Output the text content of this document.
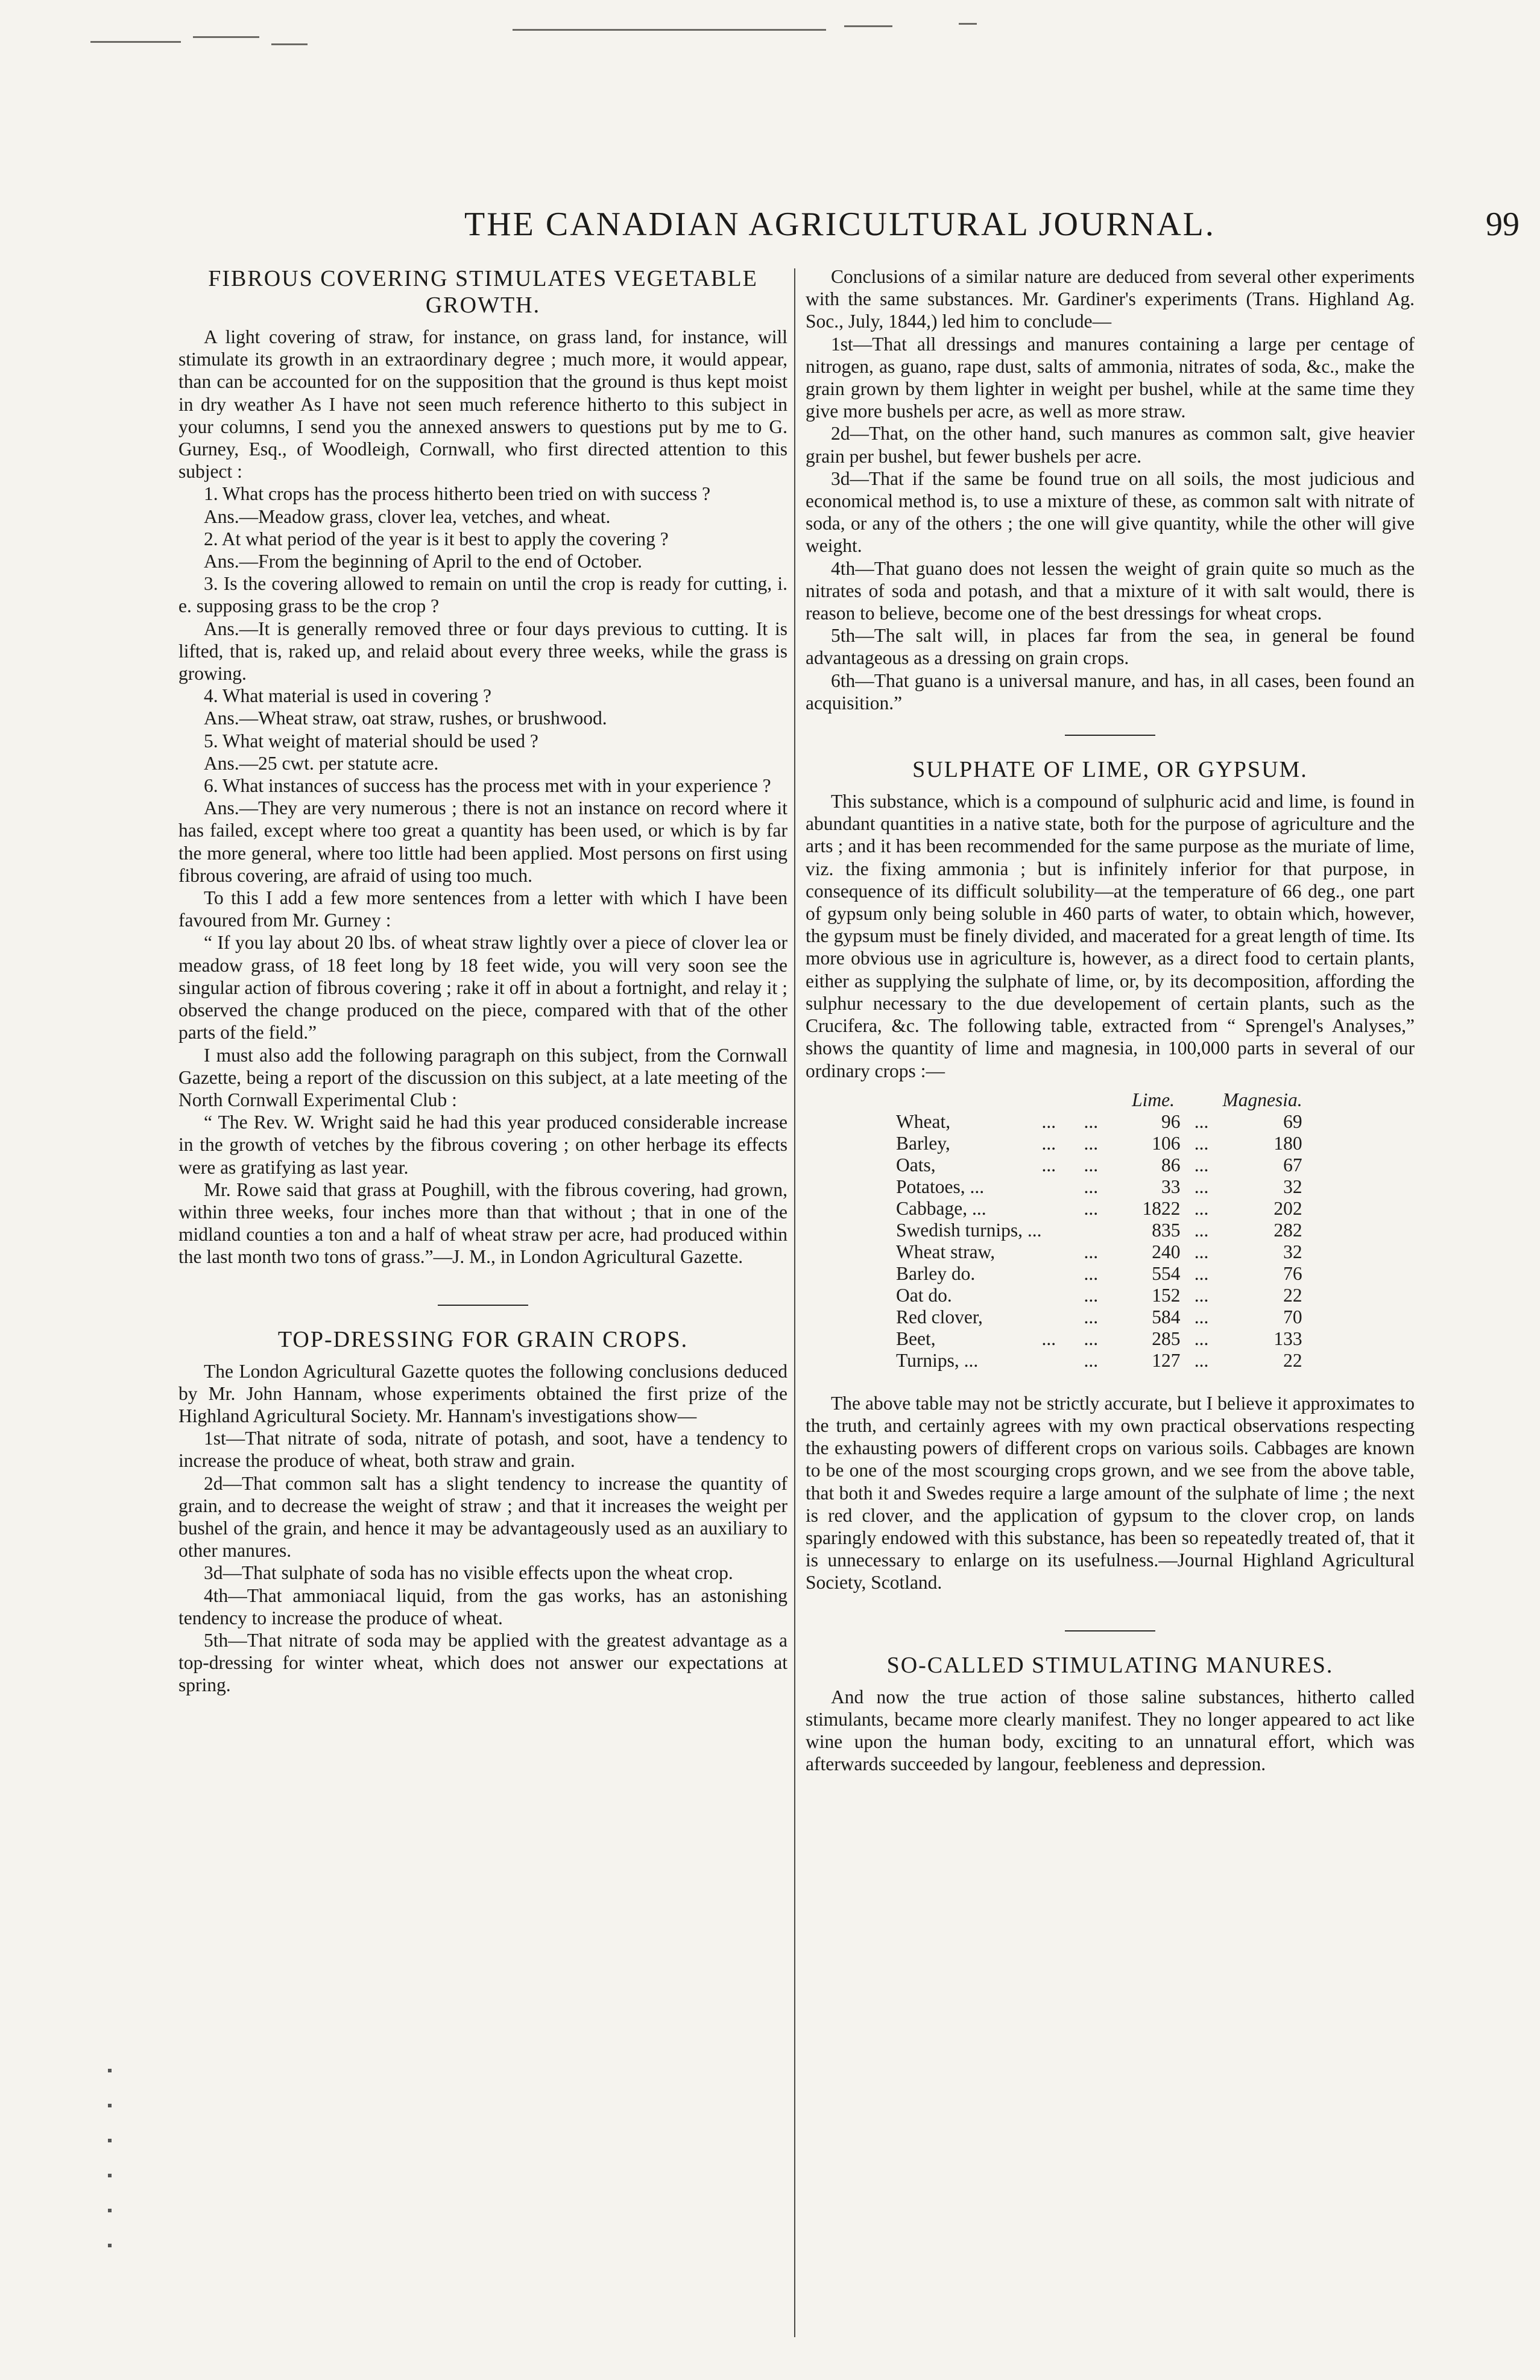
THE CANADIAN AGRICULTURAL JOURNAL.	99

FIBROUS COVERING STIMULATES VEGETABLE GROWTH.

A light covering of straw, for instance, on grass land, for instance, will stimulate its growth in an extraordinary degree ; much more, it would appear, than can be accounted for on the supposition that the ground is thus kept moist in dry weather As I have not seen much reference hitherto to this subject in your columns, I send you the annexed answers to questions put by me to G. Gurney, Esq., of Woodleigh, Cornwall, who first directed attention to this subject :

1. What crops has the process hitherto been tried on with success ?

Ans.—Meadow grass, clover lea, vetches, and wheat.

2. At what period of the year is it best to apply the covering ?

Ans.—From the beginning of April to the end of October.

3. Is the covering allowed to remain on until the crop is ready for cutting, i. e. supposing grass to be the crop ?

Ans.—It is generally removed three or four days previous to cutting. It is lifted, that is, raked up, and relaid about every three weeks, while the grass is growing.

4. What material is used in covering ?

Ans.—Wheat straw, oat straw, rushes, or brushwood.

5. What weight of material should be used ?

Ans.—25 cwt. per statute acre.

6. What instances of success has the process met with in your experience ?

Ans.—They are very numerous ; there is not an instance on record where it has failed, except where too great a quantity has been used, or which is by far the more general, where too little had been applied. Most persons on first using fibrous covering, are afraid of using too much.

To this I add a few more sentences from a letter with which I have been favoured from Mr. Gurney :

“ If you lay about 20 lbs. of wheat straw lightly over a piece of clover lea or meadow grass, of 18 feet long by 18 feet wide, you will very soon see the singular action of fibrous covering ; rake it off in about a fortnight, and relay it ; observed the change produced on the piece, compared with that of the other parts of the field.”

I must also add the following paragraph on this subject, from the Cornwall Gazette, being a report of the discussion on this subject, at a late meeting of the North Cornwall Experimental Club :

“ The Rev. W. Wright said he had this year produced considerable increase in the growth of vetches by the fibrous covering ; on other herbage its effects were as gratifying as last year.

Mr. Rowe said that grass at Poughill, with the fibrous covering, had grown, within three weeks, four inches more than that without ; that in one of the midland counties a ton and a half of wheat straw per acre, had produced within the last month two tons of grass.”—J. M., in London Agricultural Gazette.

TOP-DRESSING FOR GRAIN CROPS.

The London Agricultural Gazette quotes the following conclusions deduced by Mr. John Hannam, whose experiments obtained the first prize of the Highland Agricultural Society. Mr. Hannam's investigations show—

1st—That nitrate of soda, nitrate of potash, and soot, have a tendency to increase the produce of wheat, both straw and grain.

2d—That common salt has a slight tendency to increase the quantity of grain, and to decrease the weight of straw ; and that it increases the weight per bushel of the grain, and hence it may be advantageously used as an auxiliary to other manures.

3d—That sulphate of soda has no visible effects upon the wheat crop.

4th—That ammoniacal liquid, from the gas works, has an astonishing tendency to increase the produce of wheat.

5th—That nitrate of soda may be applied with the greatest advantage as a top-dressing for winter wheat, which does not answer our expectations at spring.

Conclusions of a similar nature are deduced from several other experiments with the same substances. Mr. Gardiner's experiments (Trans. Highland Ag. Soc., July, 1844,) led him to conclude—

1st—That all dressings and manures containing a large per centage of nitrogen, as guano, rape dust, salts of ammonia, nitrates of soda, &c., make the grain grown by them lighter in weight per bushel, while at the same time they give more bushels per acre, as well as more straw.

2d—That, on the other hand, such manures as common salt, give heavier grain per bushel, but fewer bushels per acre.

3d—That if the same be found true on all soils, the most judicious and economical method is, to use a mixture of these, as common salt with nitrate of soda, or any of the others ; the one will give quantity, while the other will give weight.

4th—That guano does not lessen the weight of grain quite so much as the nitrates of soda and potash, and that a mixture of it with salt would, there is reason to believe, become one of the best dressings for wheat crops.

5th—The salt will, in places far from the sea, in general be found advantageous as a dressing on grain crops.

6th—That guano is a universal manure, and has, in all cases, been found an acquisition.”

SULPHATE OF LIME, OR GYPSUM.

This substance, which is a compound of sulphuric acid and lime, is found in abundant quantities in a native state, both for the purpose of agriculture and the arts ; and it has been recommended for the same purpose as the muriate of lime, viz. the fixing ammonia ; but is infinitely inferior for that purpose, in consequence of its difficult solubility—at the temperature of 66 deg., one part of gypsum only being soluble in 460 parts of water, to obtain which, however, the gypsum must be finely divided, and macerated for a great length of time. Its more obvious use in agriculture is, however, as a direct food to certain plants, either as supplying the sulphate of lime, or, by its decomposition, affording the sulphur necessary to the due developement of certain plants, such as the Crucifera, &c. The following table, extracted from “ Sprengel's Analyses,” shows the quantity of lime and magnesia, in 100,000 parts in several of our ordinary crops :—

			Lime.		Magnesia.
Wheat,	...	...	96	...	69
Barley,	...	...	106	...	180
Oats,	...	...	86	...	67
Potatoes, ...		...	33	...	32
Cabbage, ...		...	1822	...	202
Swedish turnips, ...			835	...	282
Wheat straw,		...	240	...	32
Barley do.		...	554	...	76
Oat do.		...	152	...	22
Red clover,		...	584	...	70
Beet,	...	...	285	...	133
Turnips, ...		...	127	...	22

The above table may not be strictly accurate, but I believe it approximates to the truth, and certainly agrees with my own practical observations respecting the exhausting powers of different crops on various soils. Cabbages are known to be one of the most scourging crops grown, and we see from the above table, that both it and Swedes require a large amount of the sulphate of lime ; the next is red clover, and the application of gypsum to the clover crop, on lands sparingly endowed with this substance, has been so repeatedly treated of, that it is unnecessary to enlarge on its usefulness.—Journal Highland Agricultural Society, Scotland.

SO-CALLED STIMULATING MANURES.

And now the true action of those saline substances, hitherto called stimulants, became more clearly manifest. They no longer appeared to act like wine upon the human body, exciting to an unnatural effort, which was afterwards succeeded by langour, feebleness and depression.
